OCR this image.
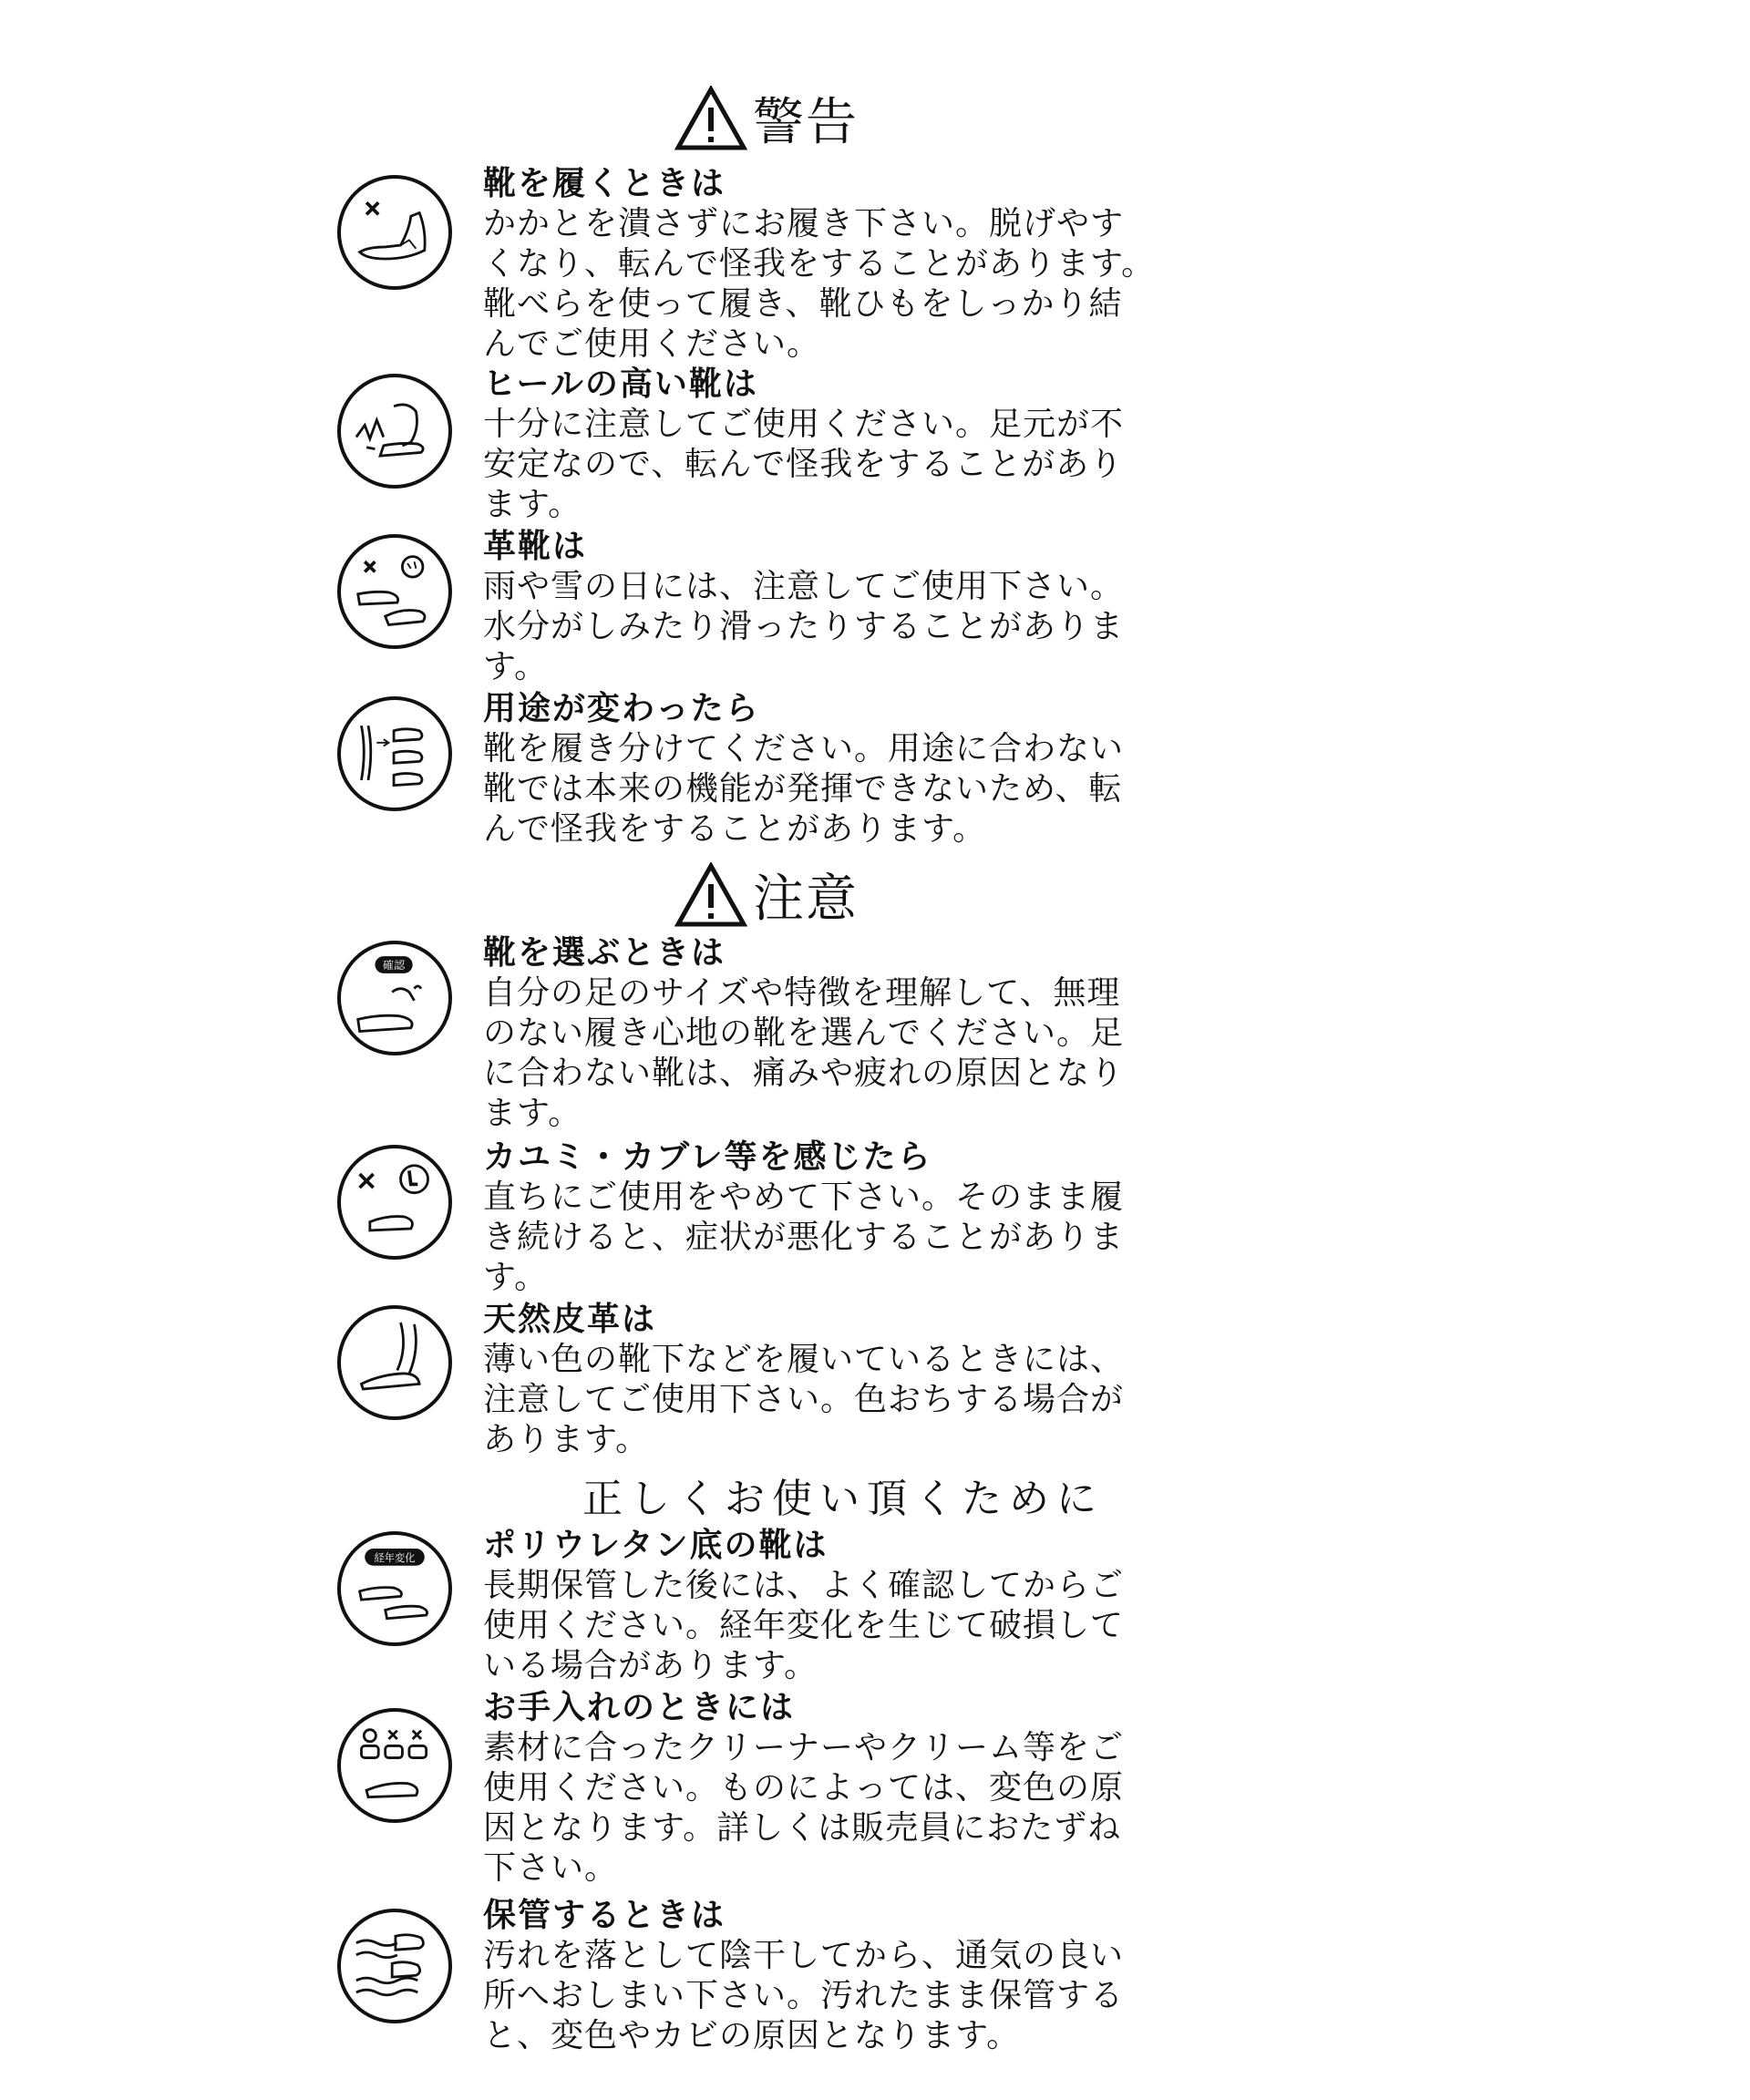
警告
靴を履くときは
かかとを潰さずにお履き下さい。脱げやす
くなり、転んで怪我をすることがあります。
靴べらを使って履き、靴ひもをしっかり結
んでご使用ください。
ヒールの高い靴は
十分に注意してご使用ください。足元が不
安定なので、転んで怪我をすることがあり
ます。
革靴は
雨や雪の日には、注意してご使用下さい。
水分がしみたり滑ったりすることがありま
す。
用途が変わったら
靴を履き分けてください。用途に合わない
靴では本来の機能が発揮できないため、転
んで怪我をすることがあります。
注意
確認 靴を選ぶときは
自分の足のサイズや特徴を理解して、無理
のない履き心地の靴を選んでください。足
に合わない靴は、痛みや疲れの原因となり
ます。
カユミ・カブレ等を感じたら
直ちにご使用をやめて下さい。そのまま履
き続けると、症状が悪化することがありま
す。
天然皮革は
薄い色の靴下などを履いているときには、
注意してご使用下さい。色おちする場合が
あります。
正しくお使い頂くために
経年変化 ポリウレタン底の靴は
長期保管した後には、よく確認してからご
使用ください。経年変化を生じて破損して
いる場合があります。
お手入れのときには
素材に合ったクリーナーやクリーム等をご
使用ください。ものによっては、変色の原
因となります。詳しくは販売員におたずね
下さい。
保管するときは
汚れを落として陰干してから、通気の良い
所へおしまい下さい。汚れたまま保管する
と、変色やカビの原因となります。
